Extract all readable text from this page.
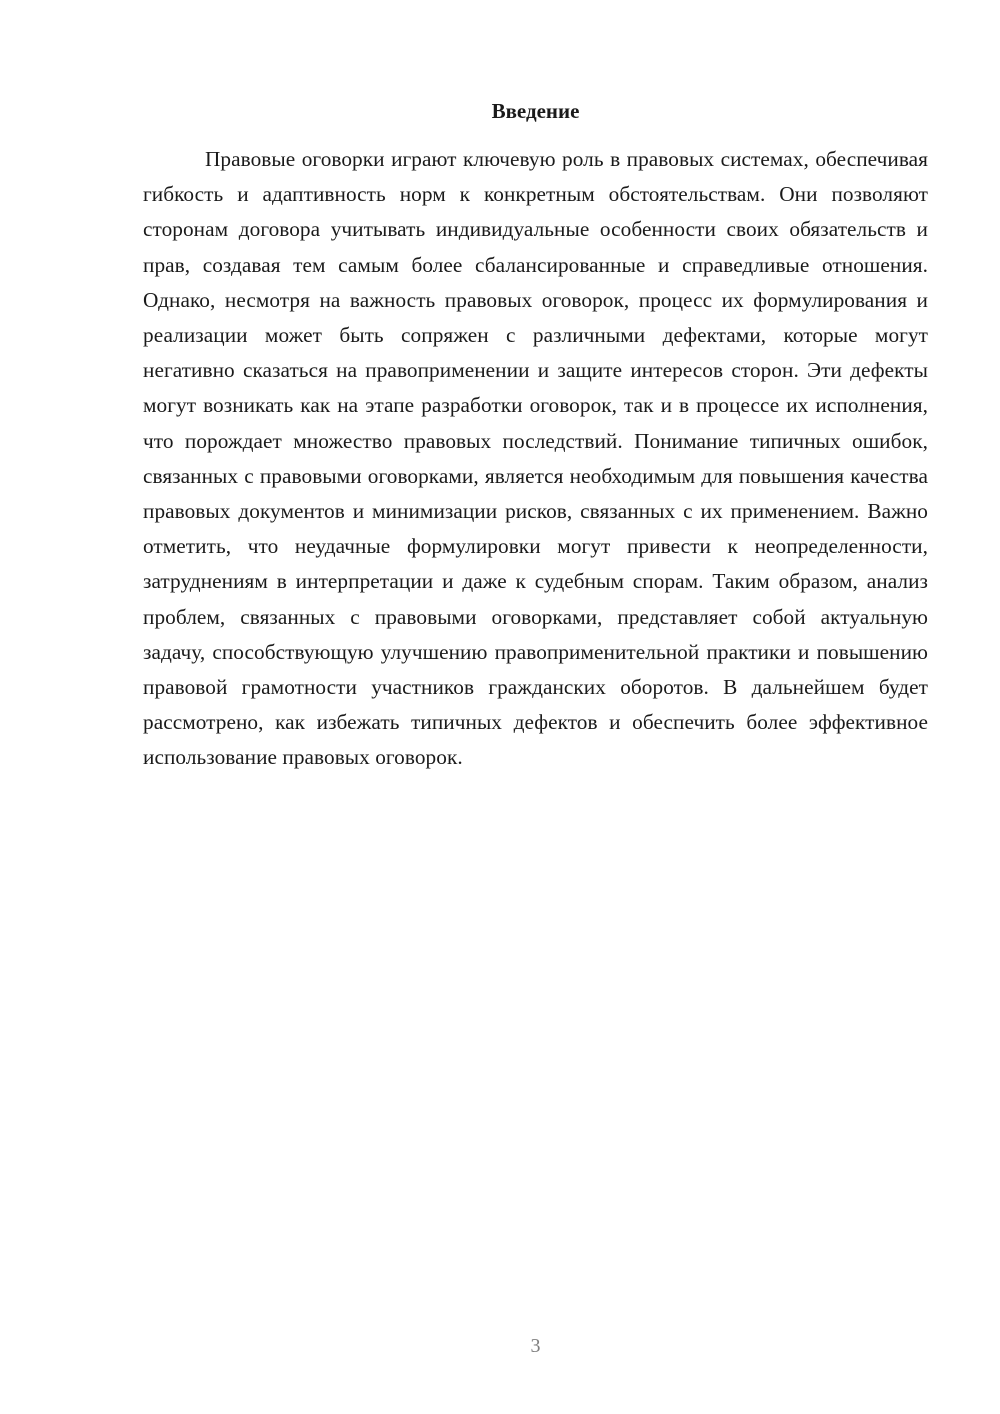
Введение

Правовые оговорки играют ключевую роль в правовых системах, обеспечивая гибкость и адаптивность норм к конкретным обстоятельствам. Они позволяют сторонам договора учитывать индивидуальные особенности своих обязательств и прав, создавая тем самым более сбалансированные и справедливые отношения. Однако, несмотря на важность правовых оговорок, процесс их формулирования и реализации может быть сопряжен с различными дефектами, которые могут негативно сказаться на правоприменении и защите интересов сторон. Эти дефекты могут возникать как на этапе разработки оговорок, так и в процессе их исполнения, что порождает множество правовых последствий. Понимание типичных ошибок, связанных с правовыми оговорками, является необходимым для повышения качества правовых документов и минимизации рисков, связанных с их применением. Важно отметить, что неудачные формулировки могут привести к неопределенности, затруднениям в интерпретации и даже к судебным спорам. Таким образом, анализ проблем, связанных с правовыми оговорками, представляет собой актуальную задачу, способствующую улучшению правоприменительной практики и повышению правовой грамотности участников гражданских оборотов. В дальнейшем будет рассмотрено, как избежать типичных дефектов и обеспечить более эффективное использование правовых оговорок.

3
